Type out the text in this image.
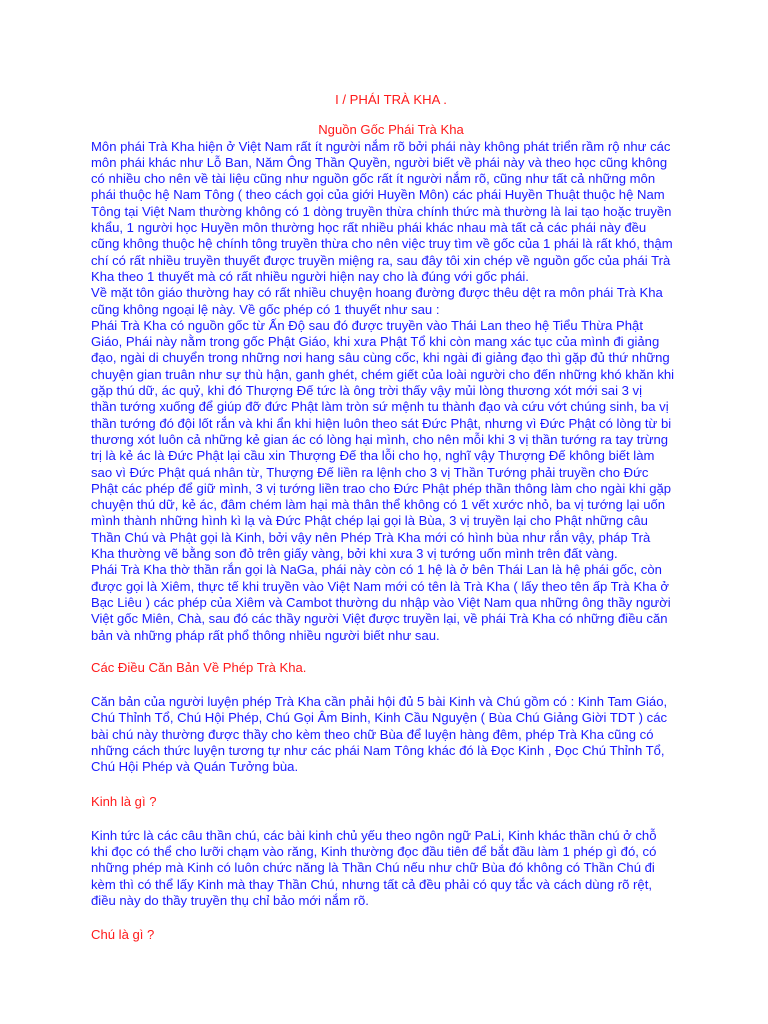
I / PHÁI TRÀ KHA .

Nguồn Gốc Phái Trà Kha

Môn phái Trà Kha hiện ở Việt Nam rất ít người nắm rõ bởi phái này không phát triển rầm rộ như các
môn phái khác như Lỗ Ban, Năm Ông Thần Quyền, người biết về phái này và theo học cũng không
có nhiều cho nên về tài liệu cũng như nguồn gốc rất ít người nắm rõ, cũng như tất cả những môn
phái thuộc hệ Nam Tông ( theo cách gọi của giới Huyền Môn) các phái Huyền Thuật thuộc hệ Nam
Tông tại Việt Nam thường không có 1 dòng truyền thừa chính thức mà thường là lai tạo hoặc truyền
khẩu, 1 người học Huyền môn thường học rất nhiều phái khác nhau mà tất cả các phái này đều
cũng không thuộc hệ chính tông truyền thừa cho nên việc truy tìm về gốc của 1 phái là rất khó, thậm
chí có rất nhiều truyền thuyết được truyền miệng ra, sau đây tôi xin chép về nguồn gốc của phái Trà
Kha theo 1 thuyết mà có rất nhiều người hiện nay cho là đúng với gốc phái.

Về mặt tôn giáo thường hay có rất nhiều chuyện hoang đường được thêu dệt ra môn phái Trà Kha
cũng không ngoại lệ này. Về gốc phép có 1 thuyết như sau :

Phái Trà Kha có nguồn gốc từ Ấn Độ sau đó được truyền vào Thái Lan theo hệ Tiểu Thừa Phật
Giáo, Phái này nằm trong gốc Phật Giáo, khi xưa Phật Tổ khi còn mang xác tục của mình đi giảng
đạo, ngài di chuyển trong những nơi hang sâu cùng cốc, khi ngài đi giảng đạo thì gặp đủ thứ những
chuyện gian truân như sự thù hận, ganh ghét, chém giết của loài người cho đến những khó khăn khi
gặp thú dữ, ác quỷ, khi đó Thượng Đế tức là ông trời thấy vậy mủi lòng thương xót mới sai 3 vị
thần tướng xuống để giúp đỡ đức Phật làm tròn sứ mệnh tu thành đạo và cứu vớt chúng sinh, ba vị
thần tướng đó đội lốt rắn và khi ẩn khi hiện luôn theo sát Đức Phật, nhưng vì Đức Phật có lòng từ bi
thương xót luôn cả những kẻ gian ác có lòng hại mình, cho nên mỗi khi 3 vị thần tướng ra tay trừng
trị là kẻ ác là Đức Phật lại cầu xin Thượng Đế tha lỗi cho họ, nghĩ vậy Thượng Đế không biết làm
sao vì Đức Phật quá nhân từ, Thượng Đế liền ra lệnh cho 3 vị Thần Tướng phải truyền cho Đức
Phật các phép để giữ mình, 3 vị tướng liền trao cho Đức Phật phép thần thông làm cho ngài khi gặp
chuyện thú dữ, kẻ ác, đâm chém làm hại mà thân thể không có 1 vết xước nhỏ, ba vị tướng lại uốn
mình thành những hình kì lạ và Đức Phật chép lại gọi là Bùa, 3 vị truyền lại cho Phật những câu
Thần Chú và Phật gọi là Kinh, bởi vậy nên Phép Trà Kha mới có hình bùa như rắn vậy, pháp Trà
Kha thường vẽ bằng son đỏ trên giấy vàng, bởi khi xưa 3 vị tướng uốn mình trên đất vàng.

Phái Trà Kha thờ thần rắn gọi là NaGa, phái này còn có 1 hệ là ở bên Thái Lan là hệ phái gốc, còn
được gọi là Xiêm, thực tế khi truyền vào Việt Nam mới có tên là Trà Kha ( lấy theo tên ấp Trà Kha ở
Bạc Liêu ) các phép của Xiêm và Cambot thường du nhập vào Việt Nam qua những ông thầy người
Việt gốc Miên, Chà, sau đó các thầy người Việt được truyền lại, về phái Trà Kha có những điều căn
bản và những pháp rất phổ thông nhiều người biết như sau.

Các Điều Căn Bản Về Phép Trà Kha.

Căn bản của người luyện phép Trà Kha cần phải hội đủ 5 bài Kinh và Chú gồm có : Kinh Tam Giáo,
Chú Thỉnh Tổ, Chú Hội Phép, Chú Gọi Âm Binh, Kinh Cầu Nguyện ( Bùa Chú Giảng Giời TDT ) các
bài chú này thường được thầy cho kèm theo chữ Bùa để luyện hàng đêm, phép Trà Kha cũng có
những cách thức luyện tương tự như các phái Nam Tông khác đó là Đọc Kinh , Đọc Chú Thỉnh Tổ,
Chú Hội Phép và Quán Tưởng bùa.

Kinh là gì ?

Kinh tức là các câu thần chú, các bài kinh chủ yếu theo ngôn ngữ PaLi, Kinh khác thần chú ở chỗ
khi đọc có thể cho lưỡi chạm vào răng, Kinh thường đọc đầu tiên để bắt đầu làm 1 phép gì đó, có
những phép mà Kinh có luôn chức năng là Thần Chú nếu như chữ Bùa đó không có Thần Chú đi
kèm thì có thể lấy Kinh mà thay Thần Chú, nhưng tất cả đều phải có quy tắc và cách dùng rõ rệt,
điều này do thầy truyền thụ chỉ bảo mới nắm rõ.

Chú là gì ?
